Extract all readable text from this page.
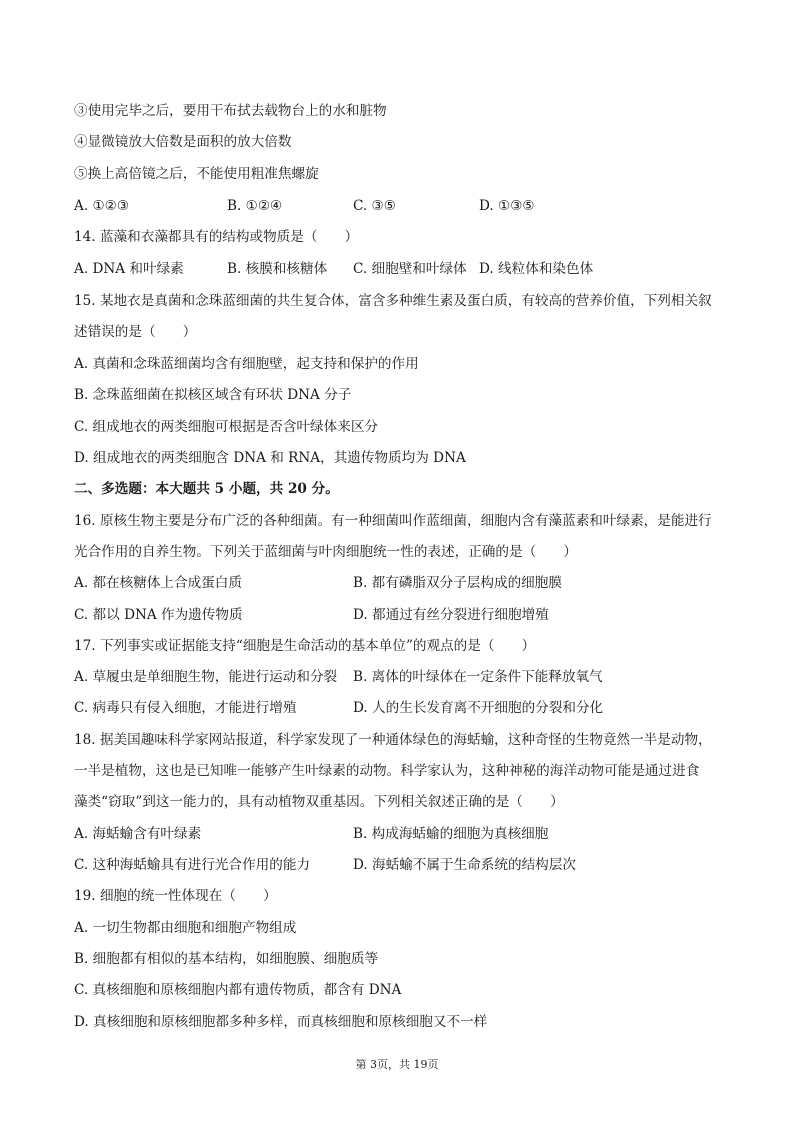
③使用完毕之后，要用干布拭去载物台上的水和脏物
④显微镜放大倍数是面积的放大倍数
⑤换上高倍镜之后，不能使用粗准焦螺旋
A. ①②③	B. ①②④	C. ③⑤	D. ①③⑤
14. 蓝藻和衣藻都具有的结构或物质是（　　）
A. DNA 和叶绿素	B. 核膜和核糖体 C. 细胞壁和叶绿体 D. 线粒体和染色体
15. 某地衣是真菌和念珠蓝细菌的共生复合体，富含多种维生素及蛋白质，有较高的营养价值，下列相关叙
述错误的是（　　）
A. 真菌和念珠蓝细菌均含有细胞壁，起支持和保护的作用
B. 念珠蓝细菌在拟核区域含有环状 DNA 分子
C. 组成地衣的两类细胞可根据是否含叶绿体来区分
D. 组成地衣的两类细胞含 DNA 和 RNA，其遗传物质均为 DNA
二、多选题：本大题共 5 小题，共 20 分。
16. 原核生物主要是分布广泛的各种细菌。有一种细菌叫作蓝细菌，细胞内含有藻蓝素和叶绿素，是能进行
光合作用的自养生物。下列关于蓝细菌与叶肉细胞统一性的表述，正确的是（　　）
A. 都在核糖体上合成蛋白质	B. 都有磷脂双分子层构成的细胞膜
C. 都以 DNA 作为遗传物质	D. 都通过有丝分裂进行细胞增殖
17. 下列事实或证据能支持“细胞是生命活动的基本单位”的观点的是（　　）
A. 草履虫是单细胞生物，能进行运动和分裂 B. 离体的叶绿体在一定条件下能释放氧气
C. 病毒只有侵入细胞，才能进行增殖	D. 人的生长发育离不开细胞的分裂和分化
18. 据美国趣味科学家网站报道，科学家发现了一种通体绿色的海蛞蝓，这种奇怪的生物竟然一半是动物，
一半是植物，这也是已知唯一能够产生叶绿素的动物。科学家认为，这种神秘的海洋动物可能是通过进食
藻类“窃取”到这一能力的，具有动植物双重基因。下列相关叙述正确的是（　　）
A. 海蛞蝓含有叶绿素	B. 构成海蛞蝓的细胞为真核细胞
C. 这种海蛞蝓具有进行光合作用的能力	D. 海蛞蝓不属于生命系统的结构层次
19. 细胞的统一性体现在（　　）
A. 一切生物都由细胞和细胞产物组成
B. 细胞都有相似的基本结构，如细胞膜、细胞质等
C. 真核细胞和原核细胞内都有遗传物质，都含有 DNA
D. 真核细胞和原核细胞都多种多样，而真核细胞和原核细胞又不一样
第 3页，共 19页
